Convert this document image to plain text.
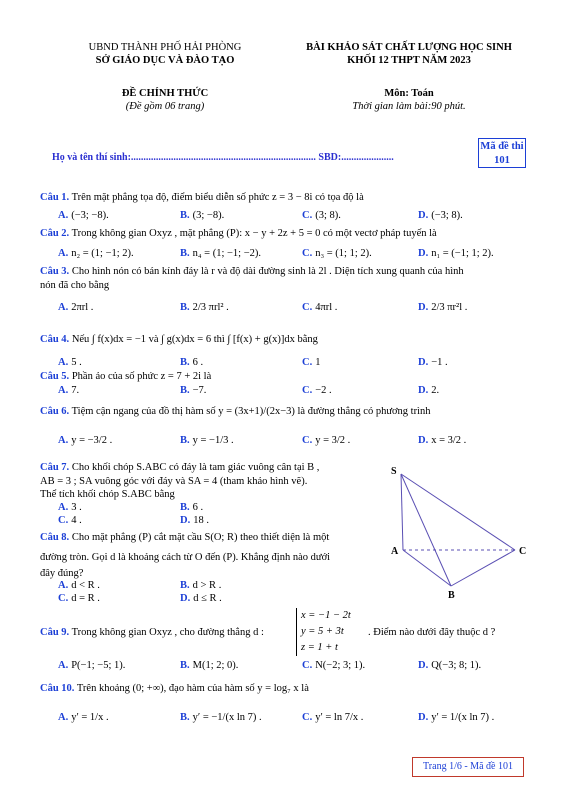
UBND THÀNH PHỐ HẢI PHÒNG
SỞ GIÁO DỤC VÀ ĐÀO TẠO
BÀI KHẢO SÁT CHẤT LƯỢNG HỌC SINH
KHỐI 12 THPT NĂM 2023
ĐỀ CHÍNH THỨC
(Đề gồm 06 trang)
Môn: Toán
Thời gian làm bài:90 phút.
Mã đề thi
101
Họ và tên thí sinh:.......................................................................... SBD:.....................
Câu 1. Trên mặt phẳng tọa độ, điểm biểu diễn số phức z = 3 − 8i có tọa độ là
A. (−3; −8).	B. (3; −8).	C. (3; 8).	D. (−3; 8).
Câu 2. Trong không gian Oxyz , mặt phẳng (P): x − y + 2z + 5 = 0 có một vectơ pháp tuyến là
A. n₂ = (1; −1; 2).	B. n₄ = (1; −1; −2).	C. n₃ = (1; 1; 2).	D. n₁ = (−1; 1; 2).
Câu 3. Cho hình nón có bán kính đáy là r và độ dài đường sinh là 2l . Diện tích xung quanh của hình
nón đã cho bằng
A. 2πrl .	B. 2/3 πrl² .	C. 4πrl .	D. 2/3 πr²l .
Câu 4. Nếu ∫ f(x)dx = −1 và ∫ g(x)dx = 6 thì ∫ [f(x) + g(x)]dx bằng
A. 5 .	B. 6 .	C. 1	D. −1 .
Câu 5. Phần ảo của số phức z = 7 + 2i là
A. 7.	B. −7.	C. −2 .	D. 2.
Câu 6. Tiệm cận ngang của đồ thị hàm số y = (3x+1)/(2x−3) là đường thẳng có phương trình
A. y = −3/2 .	B. y = −1/3 .	C. y = 3/2 .	D. x = 3/2 .
Câu 7. Cho khối chóp S.ABC có đáy là tam giác vuông cân tại B ,
AB = 3 ; SA vuông góc với đáy và SA = 4 (tham khảo hình vẽ).
Thể tích khối chóp S.ABC bằng
A. 3 .	B. 6 .
C. 4 .	D. 18 .
Câu 8. Cho mặt phẳng (P) cắt mặt cầu S(O; R) theo thiết diện là một
đường tròn. Gọi d là khoảng cách từ O đến (P). Khẳng định nào dưới
đây đúng?
A. d < R .	B. d > R .
C. d = R .	D. d ≤ R .
S
A	C
B
Câu 9. Trong không gian Oxyz , cho đường thẳng d :
x = −1 − 2t
y = 5 + 3t
z = 1 + t
. Điểm nào dưới đây thuộc d ?
A. P(−1; −5; 1).	B. M(1; 2; 0).	C. N(−2; 3; 1).	D. Q(−3; 8; 1).
Câu 10. Trên khoảng (0; +∞), đạo hàm của hàm số y = log₇ x là
A. y′ = 1/x .	B. y′ = −1/(x ln 7) .	C. y′ = ln 7/x .	D. y′ = 1/(x ln 7) .
Trang 1/6 - Mã đề 101
